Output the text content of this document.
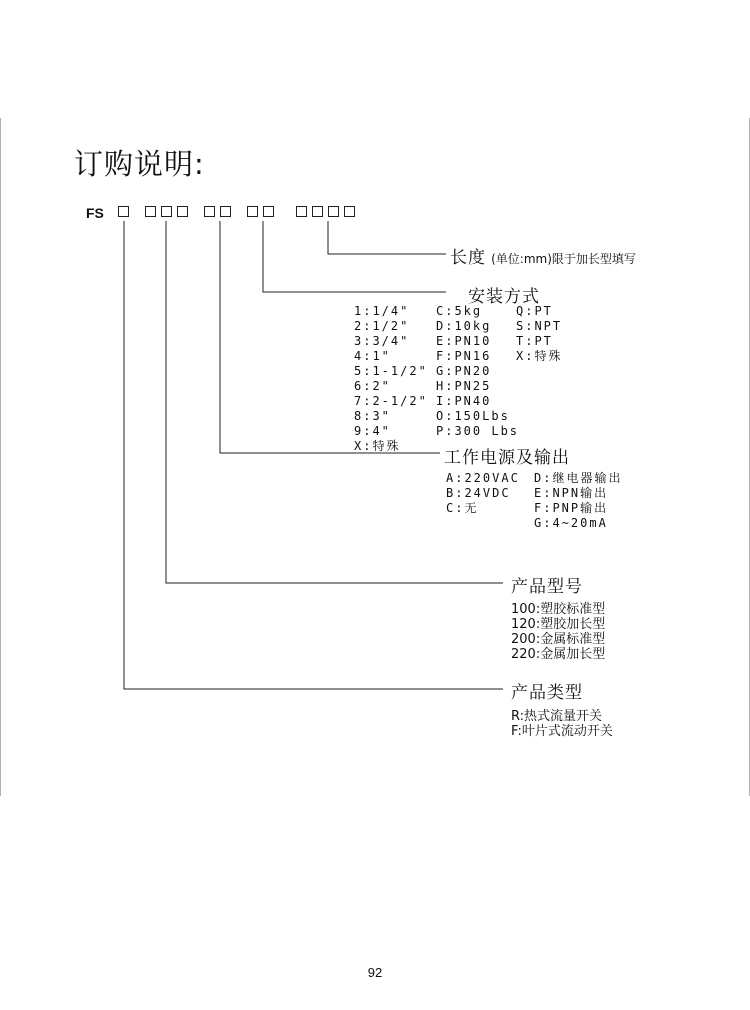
订购说明:
FS
长度 (单位:mm)限于加长型填写
安装方式
1:1/4"
2:1/2"
3:3/4"
4:1"
5:1-1/2"
6:2"
7:2-1/2"
8:3"
9:4"
X:特殊
C:5kg
D:10kg
E:PN10
F:PN16
G:PN20
H:PN25
I:PN40
O:150Lbs
P:300 Lbs
Q:PT
S:NPT
T:PT
X:特殊
工作电源及输出
A:220VAC
B:24VDC
C:无
D:继电器输出
E:NPN输出
F:PNP输出
G:4~20mA
产品型号
100:塑胶标准型
120:塑胶加长型
200:金属标准型
220:金属加长型
产品类型
R:热式流量开关
F:叶片式流动开关
92
